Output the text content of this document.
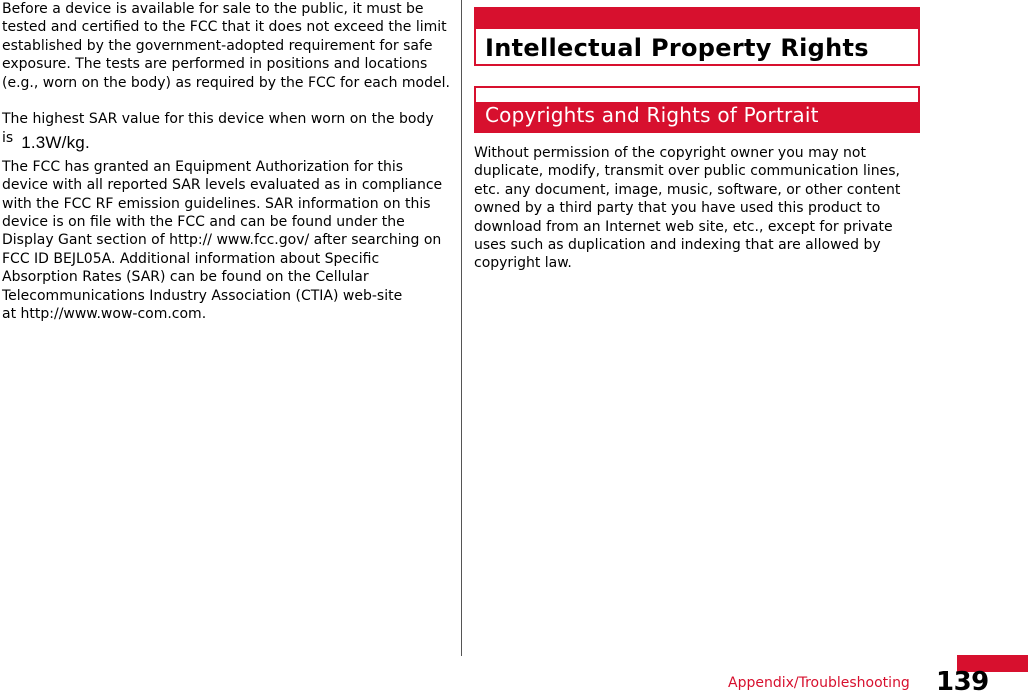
Before a device is available for sale to the public, it must be tested and certified to the FCC that it does not exceed the limit established by the government-adopted requirement for safe exposure. The tests are performed in positions and locations (e.g., worn on the body) as required by the FCC for each model.

The highest SAR value for this device when worn on the body is 1.3W/kg.

The FCC has granted an Equipment Authorization for this device with all reported SAR levels evaluated as in compliance with the FCC RF emission guidelines. SAR information on this device is on file with the FCC and can be found under the Display Gant section of http:// www.fcc.gov/ after searching on FCC ID BEJL05A. Additional information about Specific Absorption Rates (SAR) can be found on the Cellular Telecommunications Industry Association (CTIA) web-site

at http://www.wow-com.com.

Intellectual Property Rights
Copyrights and Rights of Portrait
Without permission of the copyright owner you may not duplicate, modify, transmit over public communication lines, etc. any document, image, music, software, or other content owned by a third party that you have used this product to download from an Internet web site, etc., except for private uses such as duplication and indexing that are allowed by copyright law.
Appendix/Troubleshooting 139
